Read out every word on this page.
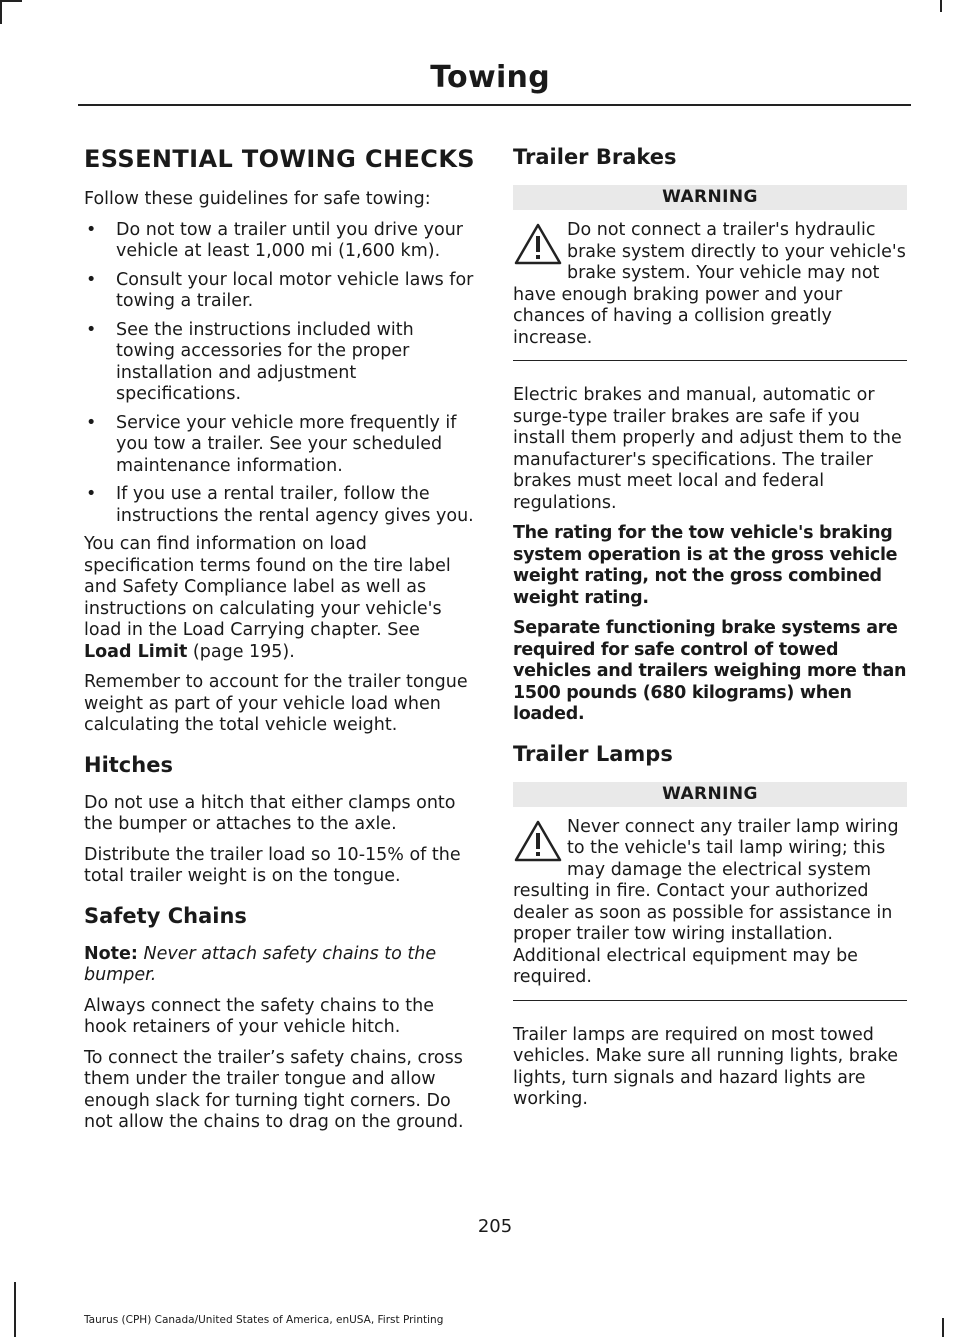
Towing
ESSENTIAL TOWING CHECKS

Follow these guidelines for safe towing:

• Do not tow a trailer until you drive your vehicle at least 1,000 mi (1,600 km).
• Consult your local motor vehicle laws for towing a trailer.
• See the instructions included with towing accessories for the proper installation and adjustment specifications.
• Service your vehicle more frequently if you tow a trailer. See your scheduled maintenance information.
• If you use a rental trailer, follow the instructions the rental agency gives you.

You can find information on load specification terms found on the tire label and Safety Compliance label as well as instructions on calculating your vehicle's load in the Load Carrying chapter. See
Load Limit (page 195).

Remember to account for the trailer tongue weight as part of your vehicle load when calculating the total vehicle weight.

Hitches

Do not use a hitch that either clamps onto the bumper or attaches to the axle.

Distribute the trailer load so 10-15% of the total trailer weight is on the tongue.

Safety Chains

Note: Never attach safety chains to the bumper.

Always connect the safety chains to the hook retainers of your vehicle hitch.

To connect the trailer’s safety chains, cross them under the trailer tongue and allow enough slack for turning tight corners. Do not allow the chains to drag on the ground.

Trailer Brakes
WARNING
Do not connect a trailer's hydraulic brake system directly to your vehicle's brake system. Your vehicle may not have enough braking power and your chances of having a collision greatly increase.

Electric brakes and manual, automatic or surge-type trailer brakes are safe if you install them properly and adjust them to the manufacturer's specifications. The trailer brakes must meet local and federal regulations.

The rating for the tow vehicle's braking system operation is at the gross vehicle weight rating, not the gross combined weight rating.

Separate functioning brake systems are required for safe control of towed vehicles and trailers weighing more than 1500 pounds (680 kilograms) when loaded.

Trailer Lamps
WARNING
Never connect any trailer lamp wiring to the vehicle's tail lamp wiring; this may damage the electrical system resulting in fire. Contact your authorized dealer as soon as possible for assistance in proper trailer tow wiring installation. Additional electrical equipment may be required.

Trailer lamps are required on most towed vehicles. Make sure all running lights, brake lights, turn signals and hazard lights are working.

205
Taurus (CPH) Canada/United States of America, enUSA, First Printing
